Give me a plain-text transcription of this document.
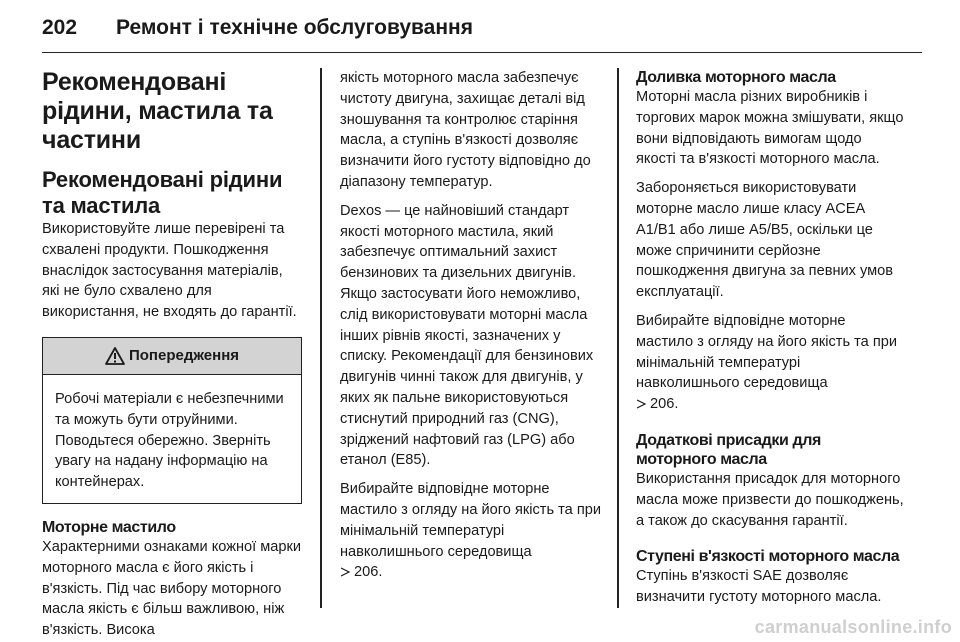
202 Ремонт і технічне обслуговування
Рекомендовані рідини, мастила та частини
Рекомендовані рідини та мастила

Використовуйте лише перевірені та схвалені продукти. Пошкодження внаслідок застосування матеріалів, які не було схвалено для використання, не входять до гарантії.

Попередження

Робочі матеріали є небезпечними та можуть бути отруйними. Поводьтеся обережно. Зверніть увагу на надану інформацію на контейнерах.

Моторне мастило

Характерними ознаками кожної марки моторного масла є його якість і в'язкість. Під час вибору моторного масла якість є більш важливою, ніж в'язкість. Висока

якість моторного масла забезпечує чистоту двигуна, захищає деталі від зношування та контролює старіння масла, а ступінь в'язкості дозволяє визначити його густоту відповідно до діапазону температур.

Dexos — це найновіший стандарт якості моторного мастила, який забезпечує оптимальний захист бензинових та дизельних двигунів. Якщо застосувати його неможливо, слід використовувати моторні масла інших рівнів якості, зазначених у списку. Рекомендації для бензинових двигунів чинні також для двигунів, у яких як пальне використовуються стиснутий природний газ (CNG), зріджений нафтовий газ (LPG) або етанол (E85).

Вибирайте відповідне моторне мастило з огляду на його якість та при мінімальній температурі навколишнього середовища
206.

Доливка моторного масла

Моторні масла різних виробників і торгових марок можна змішувати, якщо вони відповідають вимогам щодо якості та в'язкості моторного масла.

Забороняється використовувати моторне масло лише класу ACEA A1/B1 або лише A5/B5, оскільки це може спричинити серйозне пошкодження двигуна за певних умов експлуатації.

Вибирайте відповідне моторне мастило з огляду на його якість та при мінімальній температурі навколишнього середовища
206.

Додаткові присадки для моторного масла

Використання присадок для моторного масла може призвести до пошкоджень, а також до скасування гарантії.

Ступені в'язкості моторного масла

Ступінь в'язкості SAE дозволяє визначити густоту моторного масла.

carmanualsonline.info
